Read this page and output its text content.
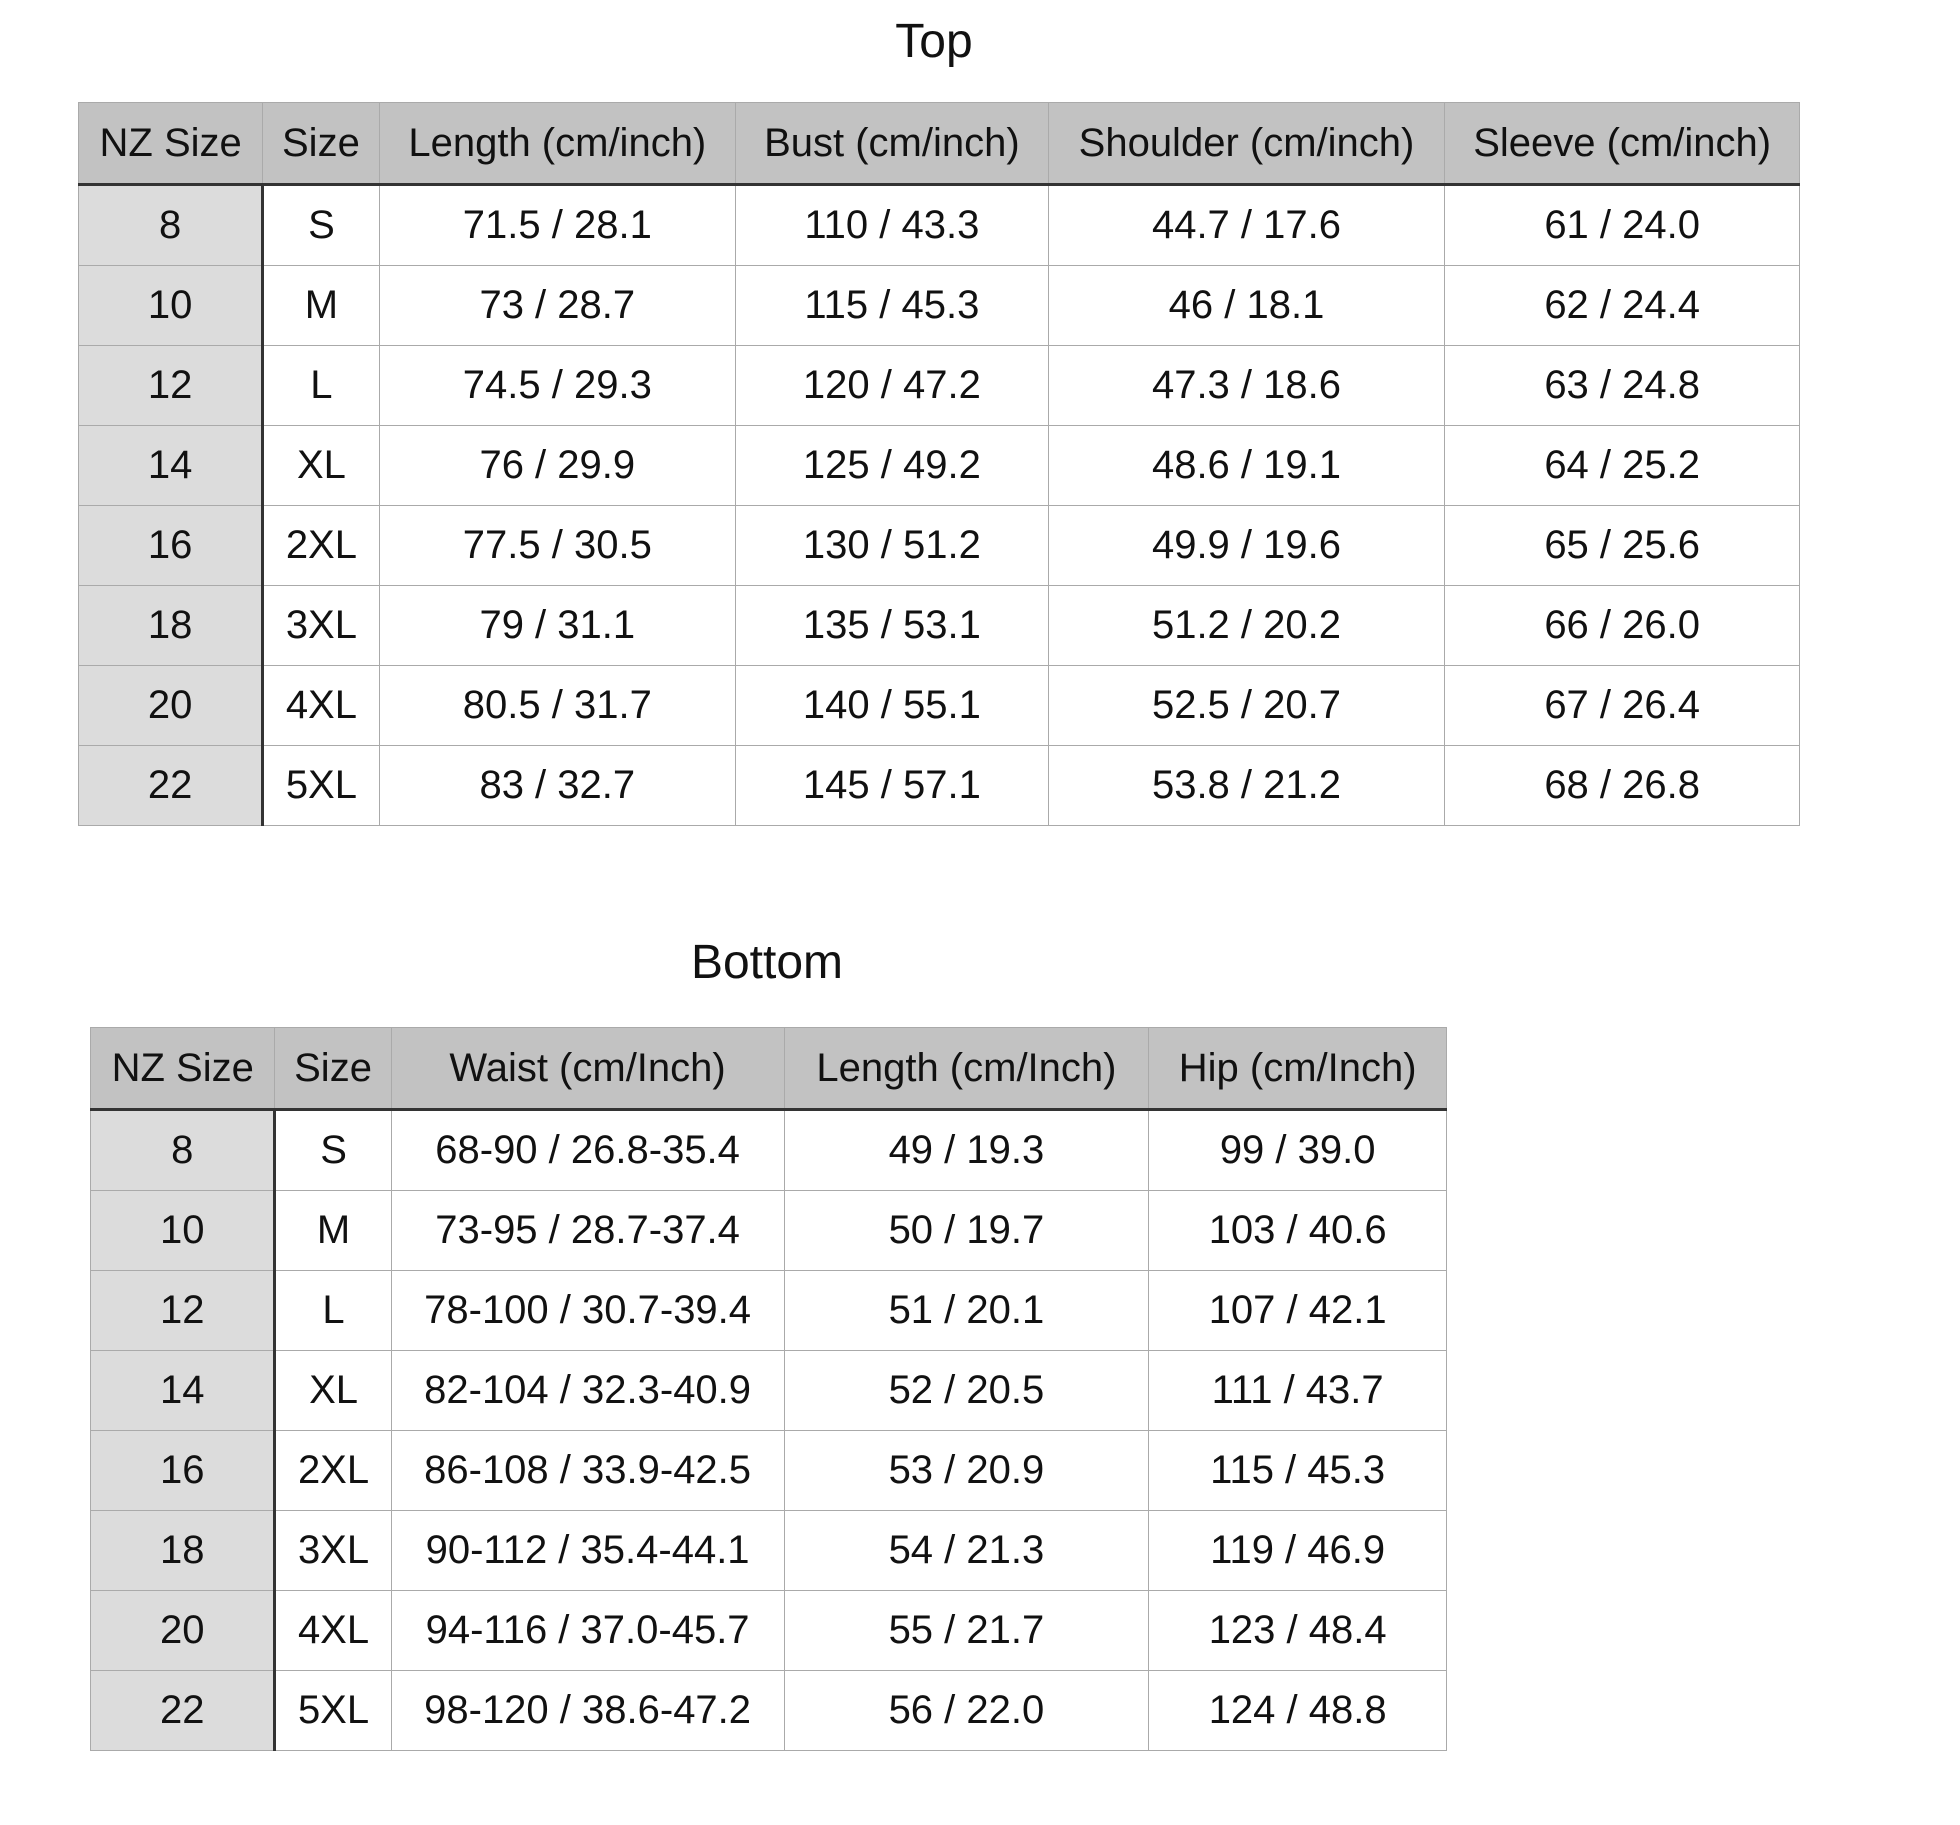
Top
NZ Size	Size	Length (cm/inch)	Bust (cm/inch)	Shoulder (cm/inch)	Sleeve (cm/inch)
8	S	71.5 / 28.1	110 / 43.3	44.7 / 17.6	61 / 24.0
10	M	73 / 28.7	115 / 45.3	46 / 18.1	62 / 24.4
12	L	74.5 / 29.3	120 / 47.2	47.3 / 18.6	63 / 24.8
14	XL	76 / 29.9	125 / 49.2	48.6 / 19.1	64 / 25.2
16	2XL	77.5 / 30.5	130 / 51.2	49.9 / 19.6	65 / 25.6
18	3XL	79 / 31.1	135 / 53.1	51.2 / 20.2	66 / 26.0
20	4XL	80.5 / 31.7	140 / 55.1	52.5 / 20.7	67 / 26.4
22	5XL	83 / 32.7	145 / 57.1	53.8 / 21.2	68 / 26.8
Bottom
NZ Size	Size	Waist (cm/Inch)	Length (cm/Inch)	Hip (cm/Inch)
8	S	68-90 / 26.8-35.4	49 / 19.3	99 / 39.0
10	M	73-95 / 28.7-37.4	50 / 19.7	103 / 40.6
12	L	78-100 / 30.7-39.4	51 / 20.1	107 / 42.1
14	XL	82-104 / 32.3-40.9	52 / 20.5	111 / 43.7
16	2XL	86-108 / 33.9-42.5	53 / 20.9	115 / 45.3
18	3XL	90-112 / 35.4-44.1	54 / 21.3	119 / 46.9
20	4XL	94-116 / 37.0-45.7	55 / 21.7	123 / 48.4
22	5XL	98-120 / 38.6-47.2	56 / 22.0	124 / 48.8
